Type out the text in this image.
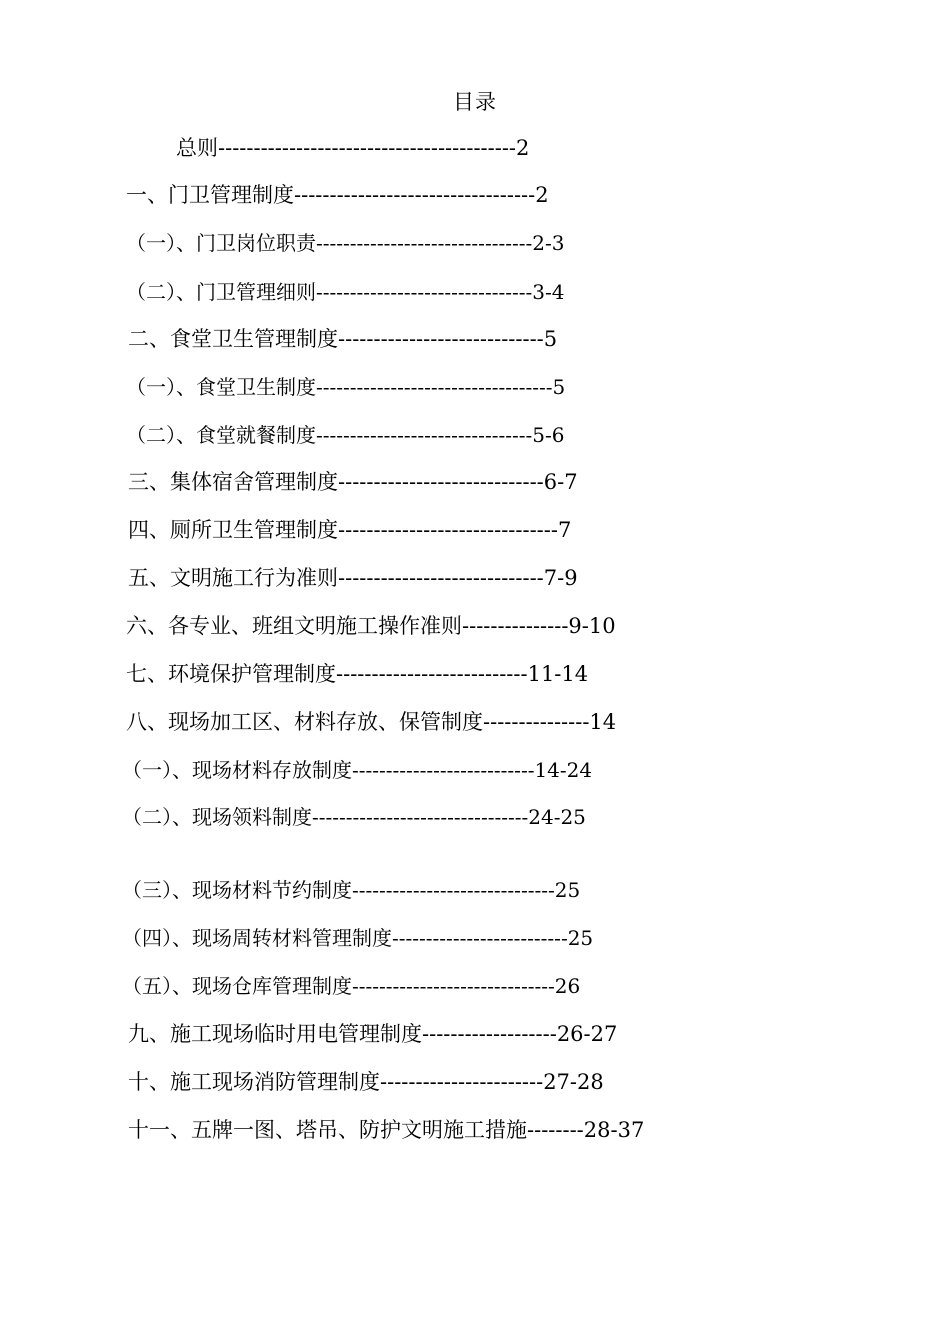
目录
总则------------------------------------------2
一、门卫管理制度----------------------------------2
（一）、门卫岗位职责--------------------------------2-3
（二）、门卫管理细则--------------------------------3-4
二、食堂卫生管理制度-----------------------------5
（一）、食堂卫生制度-----------------------------------5
（二）、食堂就餐制度--------------------------------5-6
三、集体宿舍管理制度-----------------------------6-7
四、厕所卫生管理制度-------------------------------7
五、文明施工行为准则-----------------------------7-9
六、各专业、班组文明施工操作准则---------------9-10
七、环境保护管理制度---------------------------11-14
八、现场加工区、材料存放、保管制度---------------14
（一）、现场材料存放制度---------------------------14-24
（二）、现场领料制度--------------------------------24-25
（三）、现场材料节约制度------------------------------25
（四）、现场周转材料管理制度--------------------------25
（五）、现场仓库管理制度------------------------------26
九、施工现场临时用电管理制度-------------------26-27
十、施工现场消防管理制度-----------------------27-28
十一、五牌一图、塔吊、防护文明施工措施--------28-37
